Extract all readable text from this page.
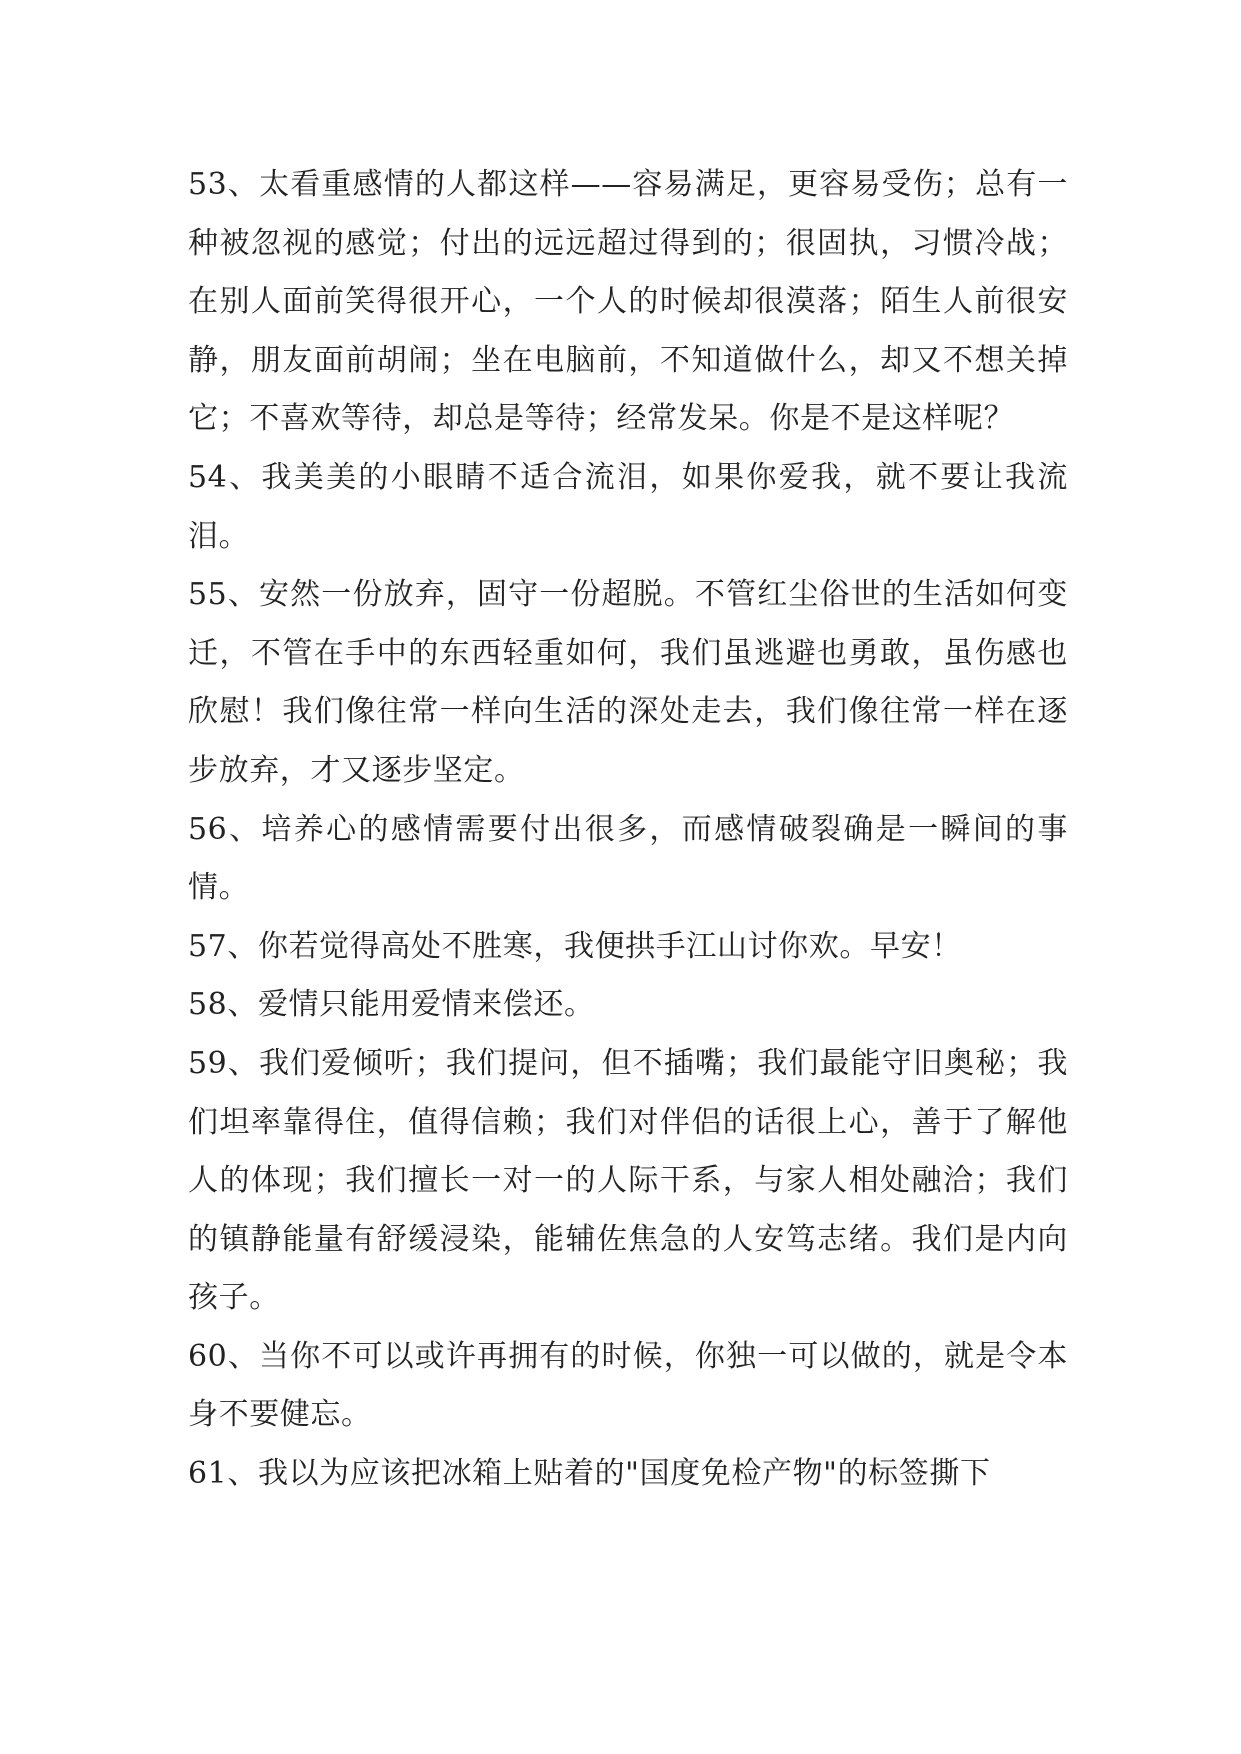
53、太看重感情的人都这样——容易满足，更容易受伤；总有一种被忽视的感觉；付出的远远超过得到的；很固执，习惯冷战；在别人面前笑得很开心，一个人的时候却很漠落；陌生人前很安静，朋友面前胡闹；坐在电脑前，不知道做什么，却又不想关掉它；不喜欢等待，却总是等待；经常发呆。你是不是这样呢？

54、我美美的小眼睛不适合流泪，如果你爱我，就不要让我流泪。

55、安然一份放弃，固守一份超脱。不管红尘俗世的生活如何变迁，不管在手中的东西轻重如何，我们虽逃避也勇敢，虽伤感也欣慰！我们像往常一样向生活的深处走去，我们像往常一样在逐步放弃，才又逐步坚定。

56、培养心的感情需要付出很多，而感情破裂确是一瞬间的事情。

57、你若觉得高处不胜寒，我便拱手江山讨你欢。早安！

58、爱情只能用爱情来偿还。

59、我们爱倾听；我们提问，但不插嘴；我们最能守旧奥秘；我们坦率靠得住，值得信赖；我们对伴侣的话很上心，善于了解他人的体现；我们擅长一对一的人际干系，与家人相处融洽；我们的镇静能量有舒缓浸染，能辅佐焦急的人安笃志绪。我们是内向孩子。

60、当你不可以或许再拥有的时候，你独一可以做的，就是令本身不要健忘。

61、我以为应该把冰箱上贴着的"国度免检产物"的标签撕下
